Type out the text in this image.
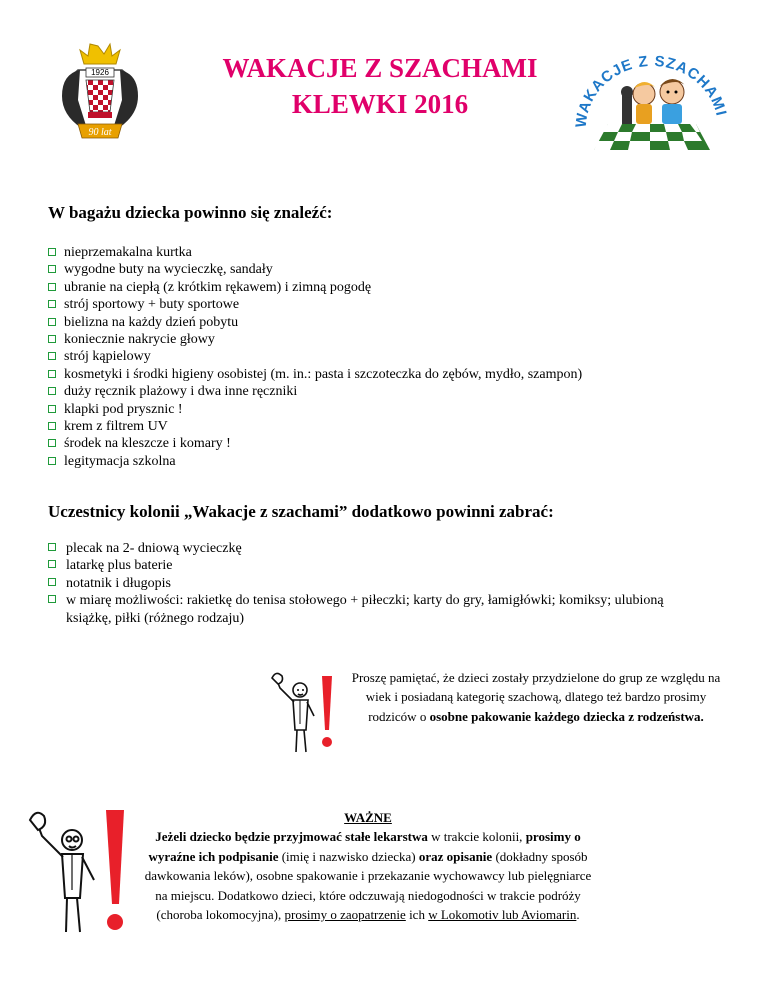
1926
90 lat
WAKACJE Z SZACHAMI
KLEWKI 2016
WAKACJE Z SZACHAMI
W bagażu dziecka powinno się znaleźć:
nieprzemakalna kurtka
wygodne buty na wycieczkę, sandały
ubranie na ciepłą (z krótkim rękawem) i zimną pogodę
strój sportowy + buty sportowe
bielizna na każdy dzień pobytu
koniecznie nakrycie głowy
strój kąpielowy
kosmetyki i środki higieny osobistej (m. in.: pasta i szczoteczka do zębów, mydło, szampon)
duży ręcznik plażowy i dwa inne ręczniki
klapki pod prysznic !
krem z filtrem UV
środek na kleszcze i komary !
legitymacja szkolna
Uczestnicy kolonii „Wakacje z szachami” dodatkowo powinni zabrać:
plecak na 2- dniową wycieczkę
latarkę plus baterie
notatnik i długopis
w miarę możliwości: rakietkę do tenisa stołowego + piłeczki; karty do gry, łamigłówki; komiksy; ulubioną książkę, piłki (różnego rodzaju)
Proszę pamiętać, że dzieci zostały przydzielone do grup ze względu na wiek i posiadaną kategorię szachową, dlatego też bardzo prosimy rodziców o osobne pakowanie każdego dziecka z rodzeństwa.
WAŻNE
Jeżeli dziecko będzie przyjmować stałe lekarstwa w trakcie kolonii, prosimy o wyraźne ich podpisanie (imię i nazwisko dziecka) oraz opisanie (dokładny sposób dawkowania leków), osobne spakowanie i przekazanie wychowawcy lub pielęgniarce na miejscu. Dodatkowo dzieci, które odczuwają niedogodności w trakcie podróży (choroba lokomocyjna), prosimy o zaopatrzenie ich w Lokomotiv lub Aviomarin.
